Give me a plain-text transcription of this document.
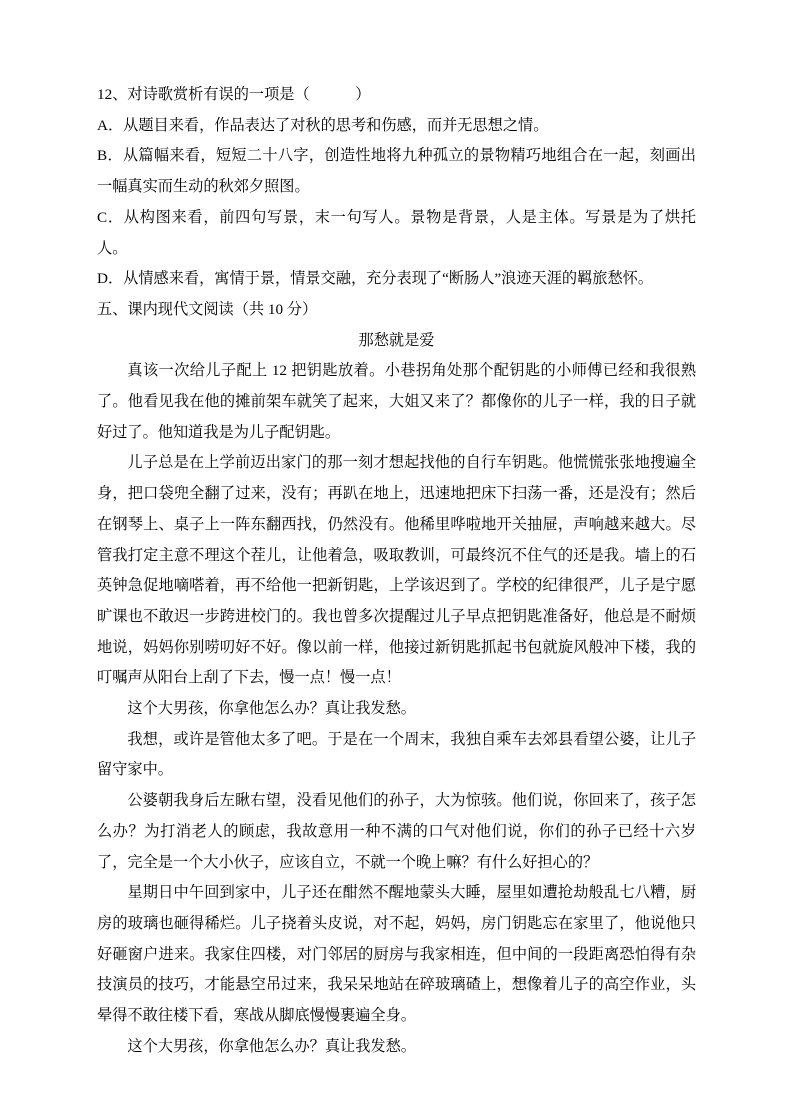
12、对诗歌赏析有误的一项是（　　　）

A．从题目来看，作品表达了对秋的思考和伤感，而并无思想之情。

B．从篇幅来看，短短二十八字，创造性地将九种孤立的景物精巧地组合在一起，刻画出一幅真实而生动的秋郊夕照图。

C．从构图来看，前四句写景，末一句写人。景物是背景，人是主体。写景是为了烘托人。

D．从情感来看，寓情于景，情景交融，充分表现了“断肠人”浪迹天涯的羁旅愁怀。

五、课内现代文阅读（共 10 分）

那愁就是爱

真该一次给儿子配上 12 把钥匙放着。小巷拐角处那个配钥匙的小师傅已经和我很熟了。他看见我在他的摊前架车就笑了起来，大姐又来了？都像你的儿子一样，我的日子就好过了。他知道我是为儿子配钥匙。

儿子总是在上学前迈出家门的那一刻才想起找他的自行车钥匙。他慌慌张张地搜遍全身，把口袋兜全翻了过来，没有；再趴在地上，迅速地把床下扫荡一番，还是没有；然后在钢琴上、桌子上一阵东翻西找，仍然没有。他稀里哗啦地开关抽屉，声响越来越大。尽管我打定主意不理这个茬儿，让他着急，吸取教训，可最终沉不住气的还是我。墙上的石英钟急促地嘀嗒着，再不给他一把新钥匙，上学该迟到了。学校的纪律很严，儿子是宁愿旷课也不敢迟一步跨进校门的。我也曾多次提醒过儿子早点把钥匙准备好，他总是不耐烦地说，妈妈你别唠叨好不好。像以前一样，他接过新钥匙抓起书包就旋风般冲下楼，我的叮嘱声从阳台上刮了下去，慢一点！慢一点！

这个大男孩，你拿他怎么办？真让我发愁。

我想，或许是管他太多了吧。于是在一个周末，我独自乘车去郊县看望公婆，让儿子留守家中。

公婆朝我身后左瞅右望，没看见他们的孙子，大为惊骇。他们说，你回来了，孩子怎么办？为打消老人的顾虑，我故意用一种不满的口气对他们说，你们的孙子已经十六岁了，完全是一个大小伙子，应该自立，不就一个晚上嘛？有什么好担心的？

星期日中午回到家中，儿子还在酣然不醒地蒙头大睡，屋里如遭抢劫般乱七八糟，厨房的玻璃也砸得稀烂。儿子挠着头皮说，对不起，妈妈，房门钥匙忘在家里了，他说他只好砸窗户进来。我家住四楼，对门邻居的厨房与我家相连，但中间的一段距离恐怕得有杂技演员的技巧，才能悬空吊过来，我呆呆地站在碎玻璃碴上，想像着儿子的高空作业，头晕得不敢往楼下看，寒战从脚底慢慢裹遍全身。

这个大男孩，你拿他怎么办？真让我发愁。
